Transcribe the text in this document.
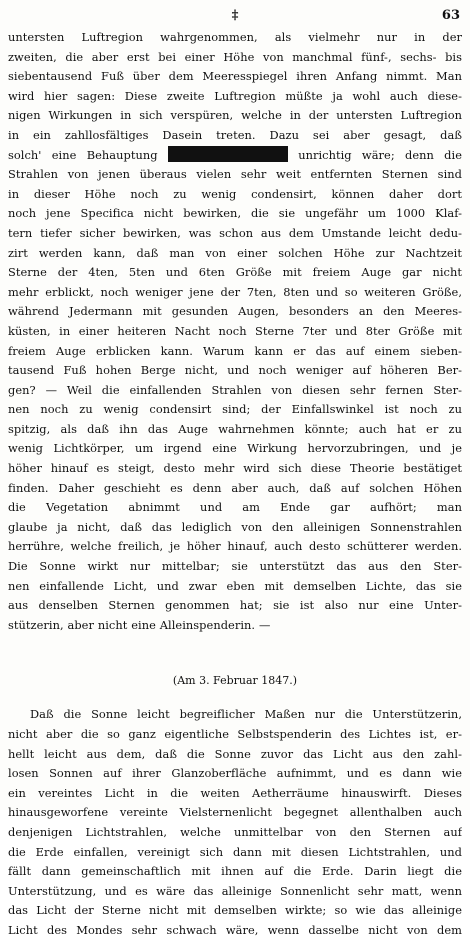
‡	63
untersten Luftregion wahrgenommen, als vielmehr nur in der
zweiten, die aber erst bei einer Höhe von manchmal fünf-, sechs- bis
siebentausend Fuß über dem Meeresspiegel ihren Anfang nimmt. Man
wird hier sagen: Diese zweite Luftregion müßte ja wohl auch diese-
nigen Wirkungen in sich verspüren, welche in der untersten Luftregion
in ein zahllosfältiges Dasein treten. Dazu sei aber gesagt, daß
solch' eine Behauptung	unrichtig wäre; denn die
Strahlen von jenen überaus vielen sehr weit entfernten Sternen sind
in dieser Höhe noch zu wenig condensirt, können daher dort
noch jene Specifica nicht bewirken, die sie ungefähr um 1000 Klaf-
tern tiefer sicher bewirken, was schon aus dem Umstande leicht dedu-
zirt werden kann, daß man von einer solchen Höhe zur Nachtzeit
Sterne der 4ten, 5ten und 6ten Größe mit freiem Auge gar nicht
mehr erblickt, noch weniger jene der 7ten, 8ten und so weiteren Größe,
während Jedermann mit gesunden Augen, besonders an den Meeres-
küsten, in einer heiteren Nacht noch Sterne 7ter und 8ter Größe mit
freiem Auge erblicken kann. Warum kann er das auf einem sieben-
tausend Fuß hohen Berge nicht, und noch weniger auf höheren Ber-
gen? — Weil die einfallenden Strahlen von diesen sehr fernen Ster-
nen noch zu wenig condensirt sind; der Einfallswinkel ist noch zu
spitzig, als daß ihn das Auge wahrnehmen könnte; auch hat er zu
wenig Lichtkörper, um irgend eine Wirkung hervorzubringen, und je
höher hinauf es steigt, desto mehr wird sich diese Theorie bestätiget
finden. Daher geschieht es denn aber auch, daß auf solchen Höhen
die Vegetation abnimmt und am Ende gar aufhört; man
glaube ja nicht, daß das lediglich von den alleinigen Sonnenstrahlen
herrühre, welche freilich, je höher hinauf, auch desto schütterer werden.
Die Sonne wirkt nur mittelbar; sie unterstützt das aus den Ster-
nen einfallende Licht, und zwar eben mit demselben Lichte, das sie
aus denselben Sternen genommen hat; sie ist also nur eine Unter-
stützerin, aber nicht eine Alleinspenderin. —
(Am 3. Februar 1847.)
Daß die Sonne leicht begreiflicher Maßen nur die Unterstützerin,
nicht aber die so ganz eigentliche Selbstspenderin des Lichtes ist, er-
hellt leicht aus dem, daß die Sonne zuvor das Licht aus den zahl-
losen Sonnen auf ihrer Glanzoberfläche aufnimmt, und es dann wie
ein vereintes Licht in die weiten Aetherräume hinauswirft. Dieses
hinausgeworfene vereinte Vielsternenlicht begegnet allenthalben auch
denjenigen Lichtstrahlen, welche unmittelbar von den Sternen auf
die Erde einfallen, vereinigt sich dann mit diesen Lichtstrahlen, und
fällt dann gemeinschaftlich mit ihnen auf die Erde. Darin liegt die
Unterstützung, und es wäre das alleinige Sonnenlicht sehr matt, wenn
das Licht der Sterne nicht mit demselben wirkte; so wie das alleinige
Licht des Mondes sehr schwach wäre, wenn dasselbe nicht von dem
